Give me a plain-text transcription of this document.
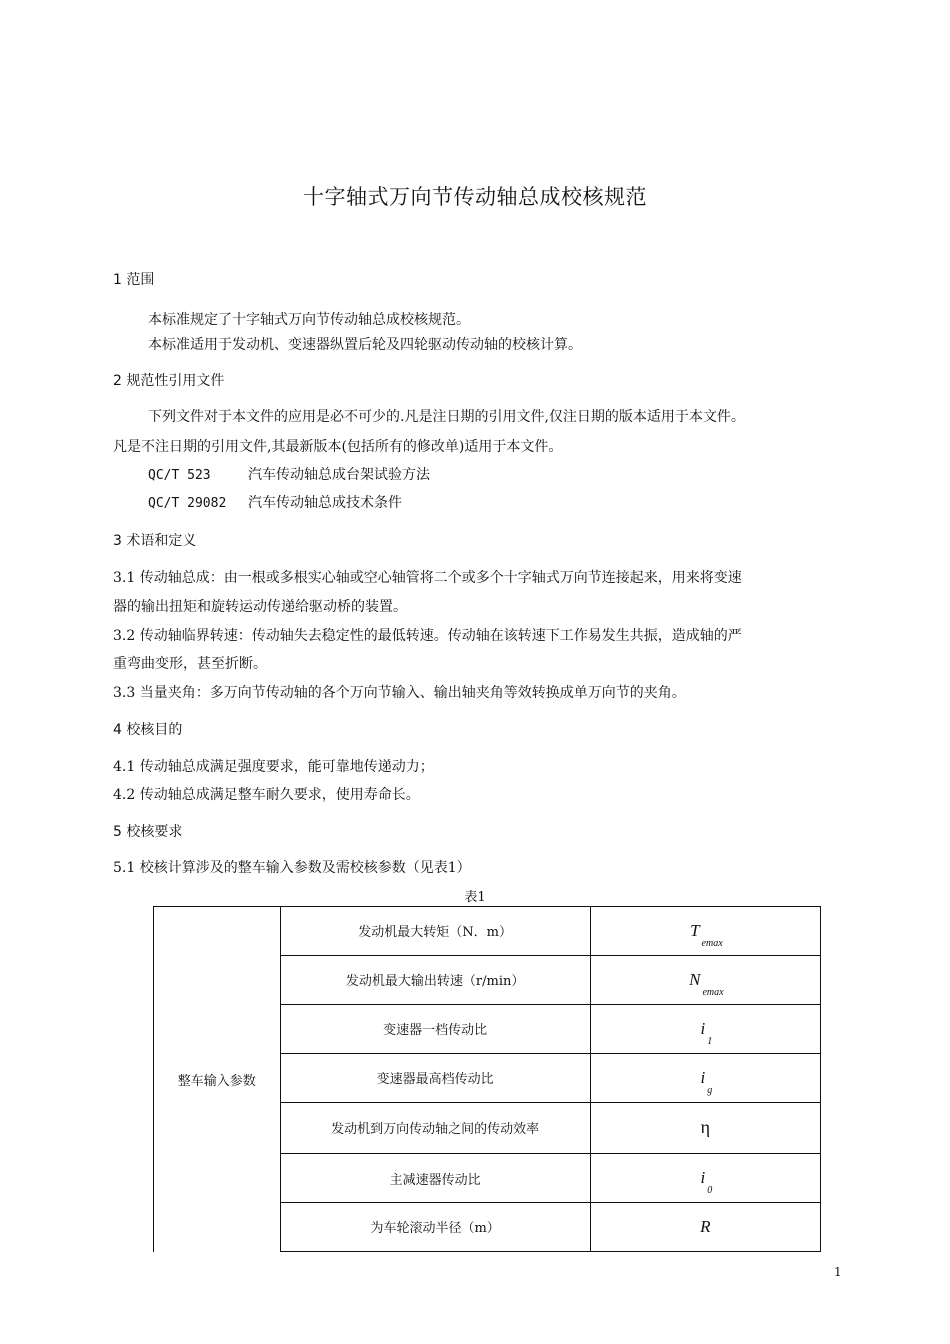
十字轴式万向节传动轴总成校核规范
1 范围
本标准规定了十字轴式万向节传动轴总成校核规范。
本标准适用于发动机、变速器纵置后轮及四轮驱动传动轴的校核计算。
2 规范性引用文件
下列文件对于本文件的应用是必不可少的.凡是注日期的引用文件,仅注日期的版本适用于本文件。
凡是不注日期的引用文件,其最新版本(包括所有的修改单)适用于本文件。
QC/T 523	汽车传动轴总成台架试验方法
QC/T 29082 汽车传动轴总成技术条件
3 术语和定义
3.1 传动轴总成：由一根或多根实心轴或空心轴管将二个或多个十字轴式万向节连接起来，用来将变速
器的输出扭矩和旋转运动传递给驱动桥的装置。
3.2 传动轴临界转速：传动轴失去稳定性的最低转速。传动轴在该转速下工作易发生共振，造成轴的严
重弯曲变形，甚至折断。
3.3 当量夹角：多万向节传动轴的各个万向节输入、输出轴夹角等效转换成单万向节的夹角。
4 校核目的
4.1 传动轴总成满足强度要求，能可靠地传递动力；
4.2 传动轴总成满足整车耐久要求，使用寿命长。
5 校核要求
5.1 校核计算涉及的整车输入参数及需校核参数（见表1）
表1
整车输入参数	发动机最大转矩（N．m）	$T_{emax}$
	发动机最大输出转速（r/min）	$N_{emax}$
	变速器一档传动比	$i_1$
	变速器最高档传动比	$i_g$
	发动机到万向传动轴之间的传动效率	η
	主减速器传动比	$i_0$
	为车轮滚动半径（m）	R
1
